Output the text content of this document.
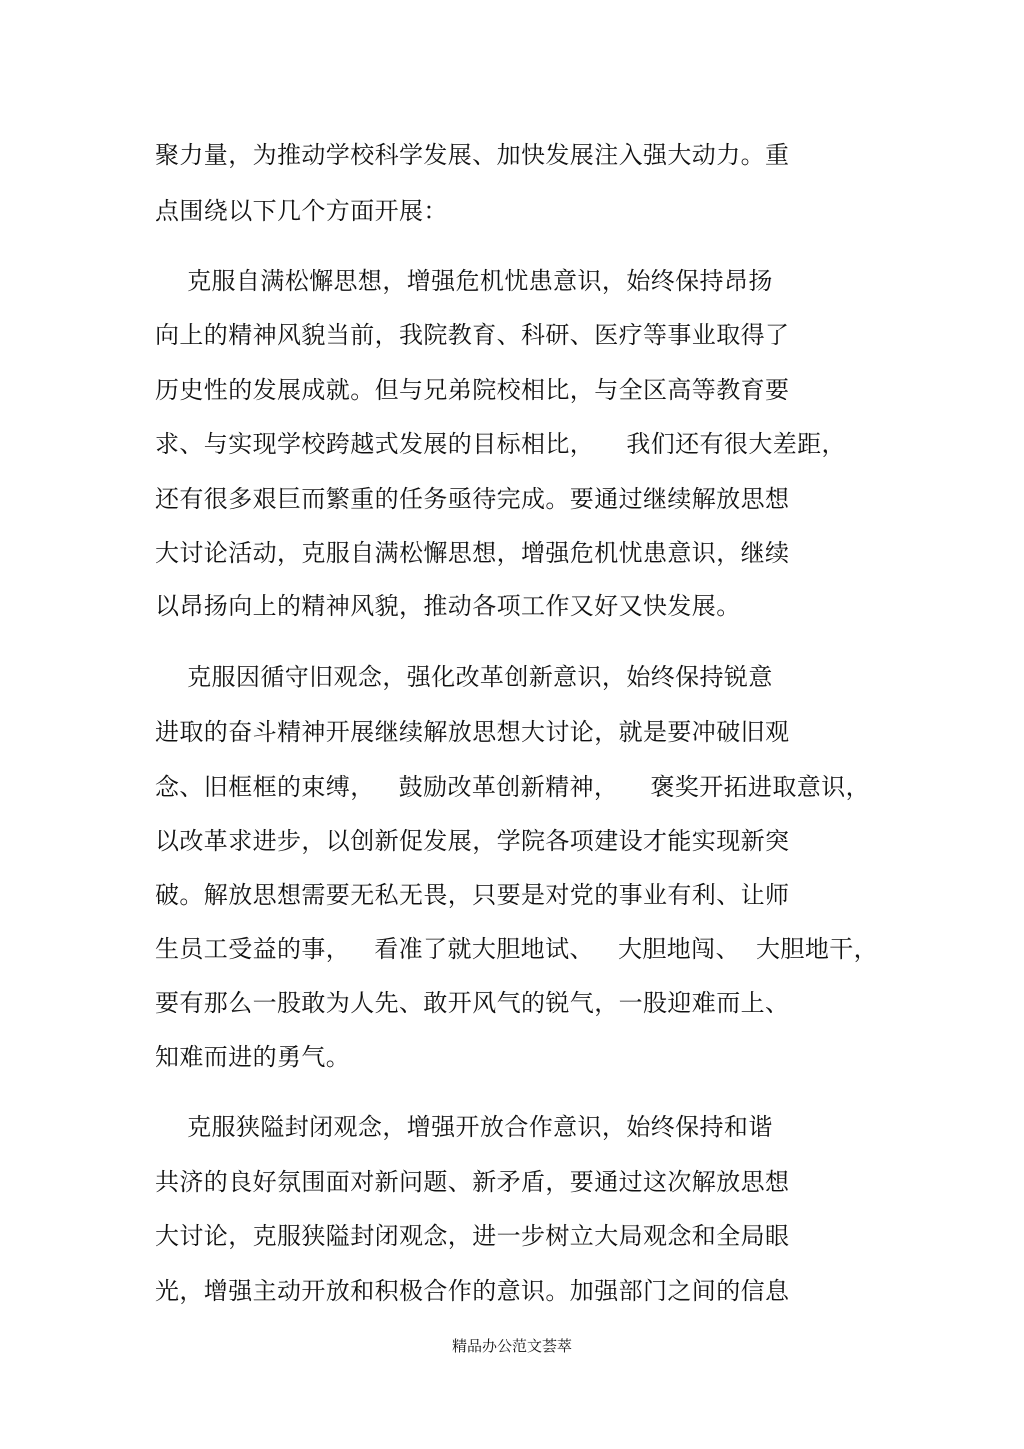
聚力量，为推动学校科学发展、加快发展注入强大动力。重
点围绕以下几个方面开展：
克服自满松懈思想，增强危机忧患意识，始终保持昂扬
向上的精神风貌当前，我院教育、科研、医疗等事业取得了
历史性的发展成就。但与兄弟院校相比，与全区高等教育要
求、与实现学校跨越式发展的目标相比，    我们还有很大差距，
还有很多艰巨而繁重的任务亟待完成。要通过继续解放思想
大讨论活动，克服自满松懈思想，增强危机忧患意识，继续
以昂扬向上的精神风貌，推动各项工作又好又快发展。
克服因循守旧观念，强化改革创新意识，始终保持锐意
进取的奋斗精神开展继续解放思想大讨论，就是要冲破旧观
念、旧框框的束缚，   鼓励改革创新精神，    褒奖开拓进取意识，
以改革求进步，以创新促发展，学院各项建设才能实现新突
破。解放思想需要无私无畏，只要是对党的事业有利、让师
生员工受益的事，   看准了就大胆地试、   大胆地闯、  大胆地干，
要有那么一股敢为人先、敢开风气的锐气，一股迎难而上、
知难而进的勇气。
克服狭隘封闭观念，增强开放合作意识，始终保持和谐
共济的良好氛围面对新问题、新矛盾，要通过这次解放思想
大讨论，克服狭隘封闭观念，进一步树立大局观念和全局眼
光，增强主动开放和积极合作的意识。加强部门之间的信息
精品办公范文荟萃
